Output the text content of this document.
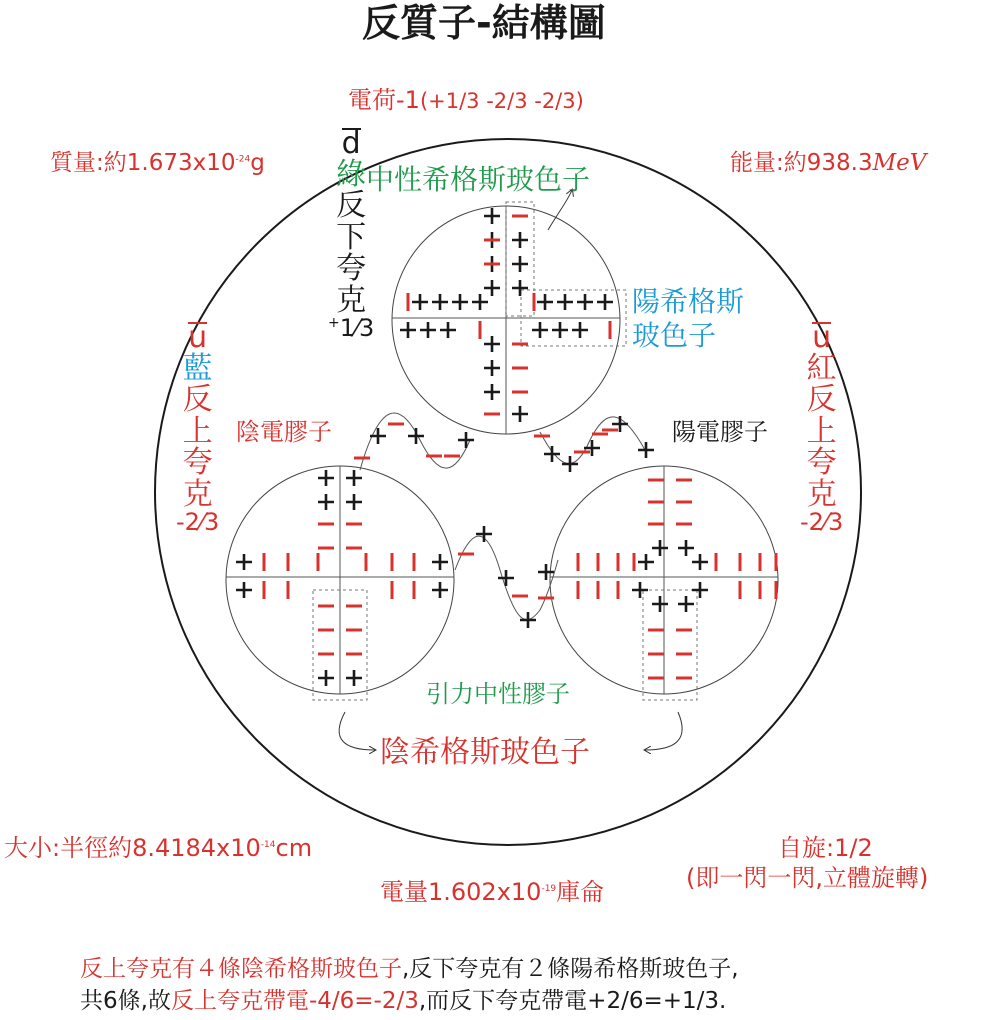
反質子-結構圖
電荷-1(+1/3 -2/3 -2/3)
質量:約$1.673x10^{-24}g$	能量:約938.3MeV
d
綠
反
下
夸
克
+1⁄3
u
藍
反
上
夸
克
-2⁄3
u
紅
反
上
夸
克
-2⁄3
中性希格斯玻色子
陽希格斯
玻色子
陰電膠子	陽電膠子
引力中性膠子
陰希格斯玻色子
大小:半徑約$8.4184x10^{-14}cm$
電量$1.602x10^{-19}$庫侖
自旋:1/2
(即一閃一閃,立體旋轉)
反上夸克有４條陰希格斯玻色子,反下夸克有２條陽希格斯玻色子,
共6條,故反上夸克帶電-4/6=-2/3,而反下夸克帶電+2/6=+1/3.
